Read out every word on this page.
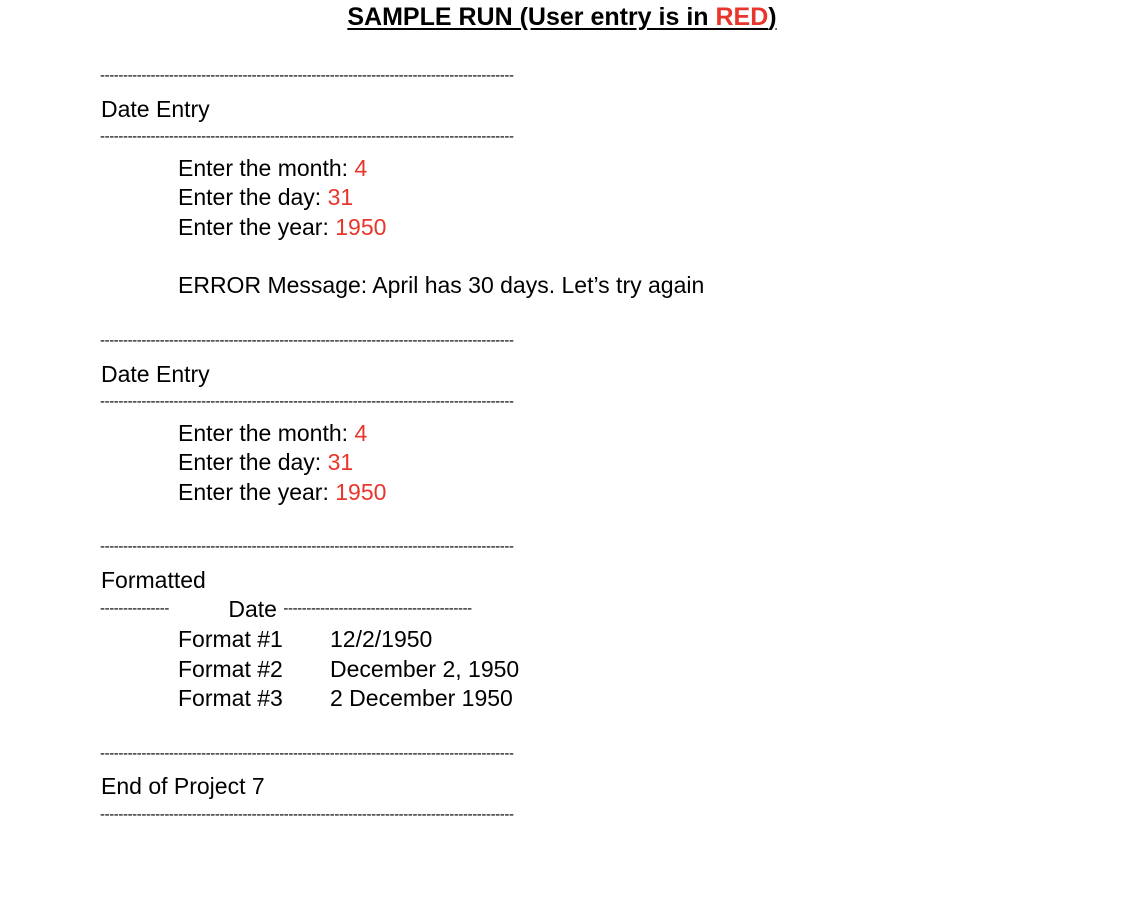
SAMPLE RUN (User entry is in RED)
------------------------------------------------------------------------------------------
Date Entry
------------------------------------------------------------------------------------------
Enter the month: 4
Enter the day: 31
Enter the year: 1950
ERROR Message: April has 30 days. Let’s try again
------------------------------------------------------------------------------------------
Date Entry
------------------------------------------------------------------------------------------
Enter the month: 4
Enter the day: 31
Enter the year: 1950
------------------------------------------------------------------------------------------
Formatted
--------------- Date -----------------------------------------
Format #1 12/2/1950
Format #2 December 2, 1950
Format #3 2 December 1950
------------------------------------------------------------------------------------------
End of Project 7
------------------------------------------------------------------------------------------
